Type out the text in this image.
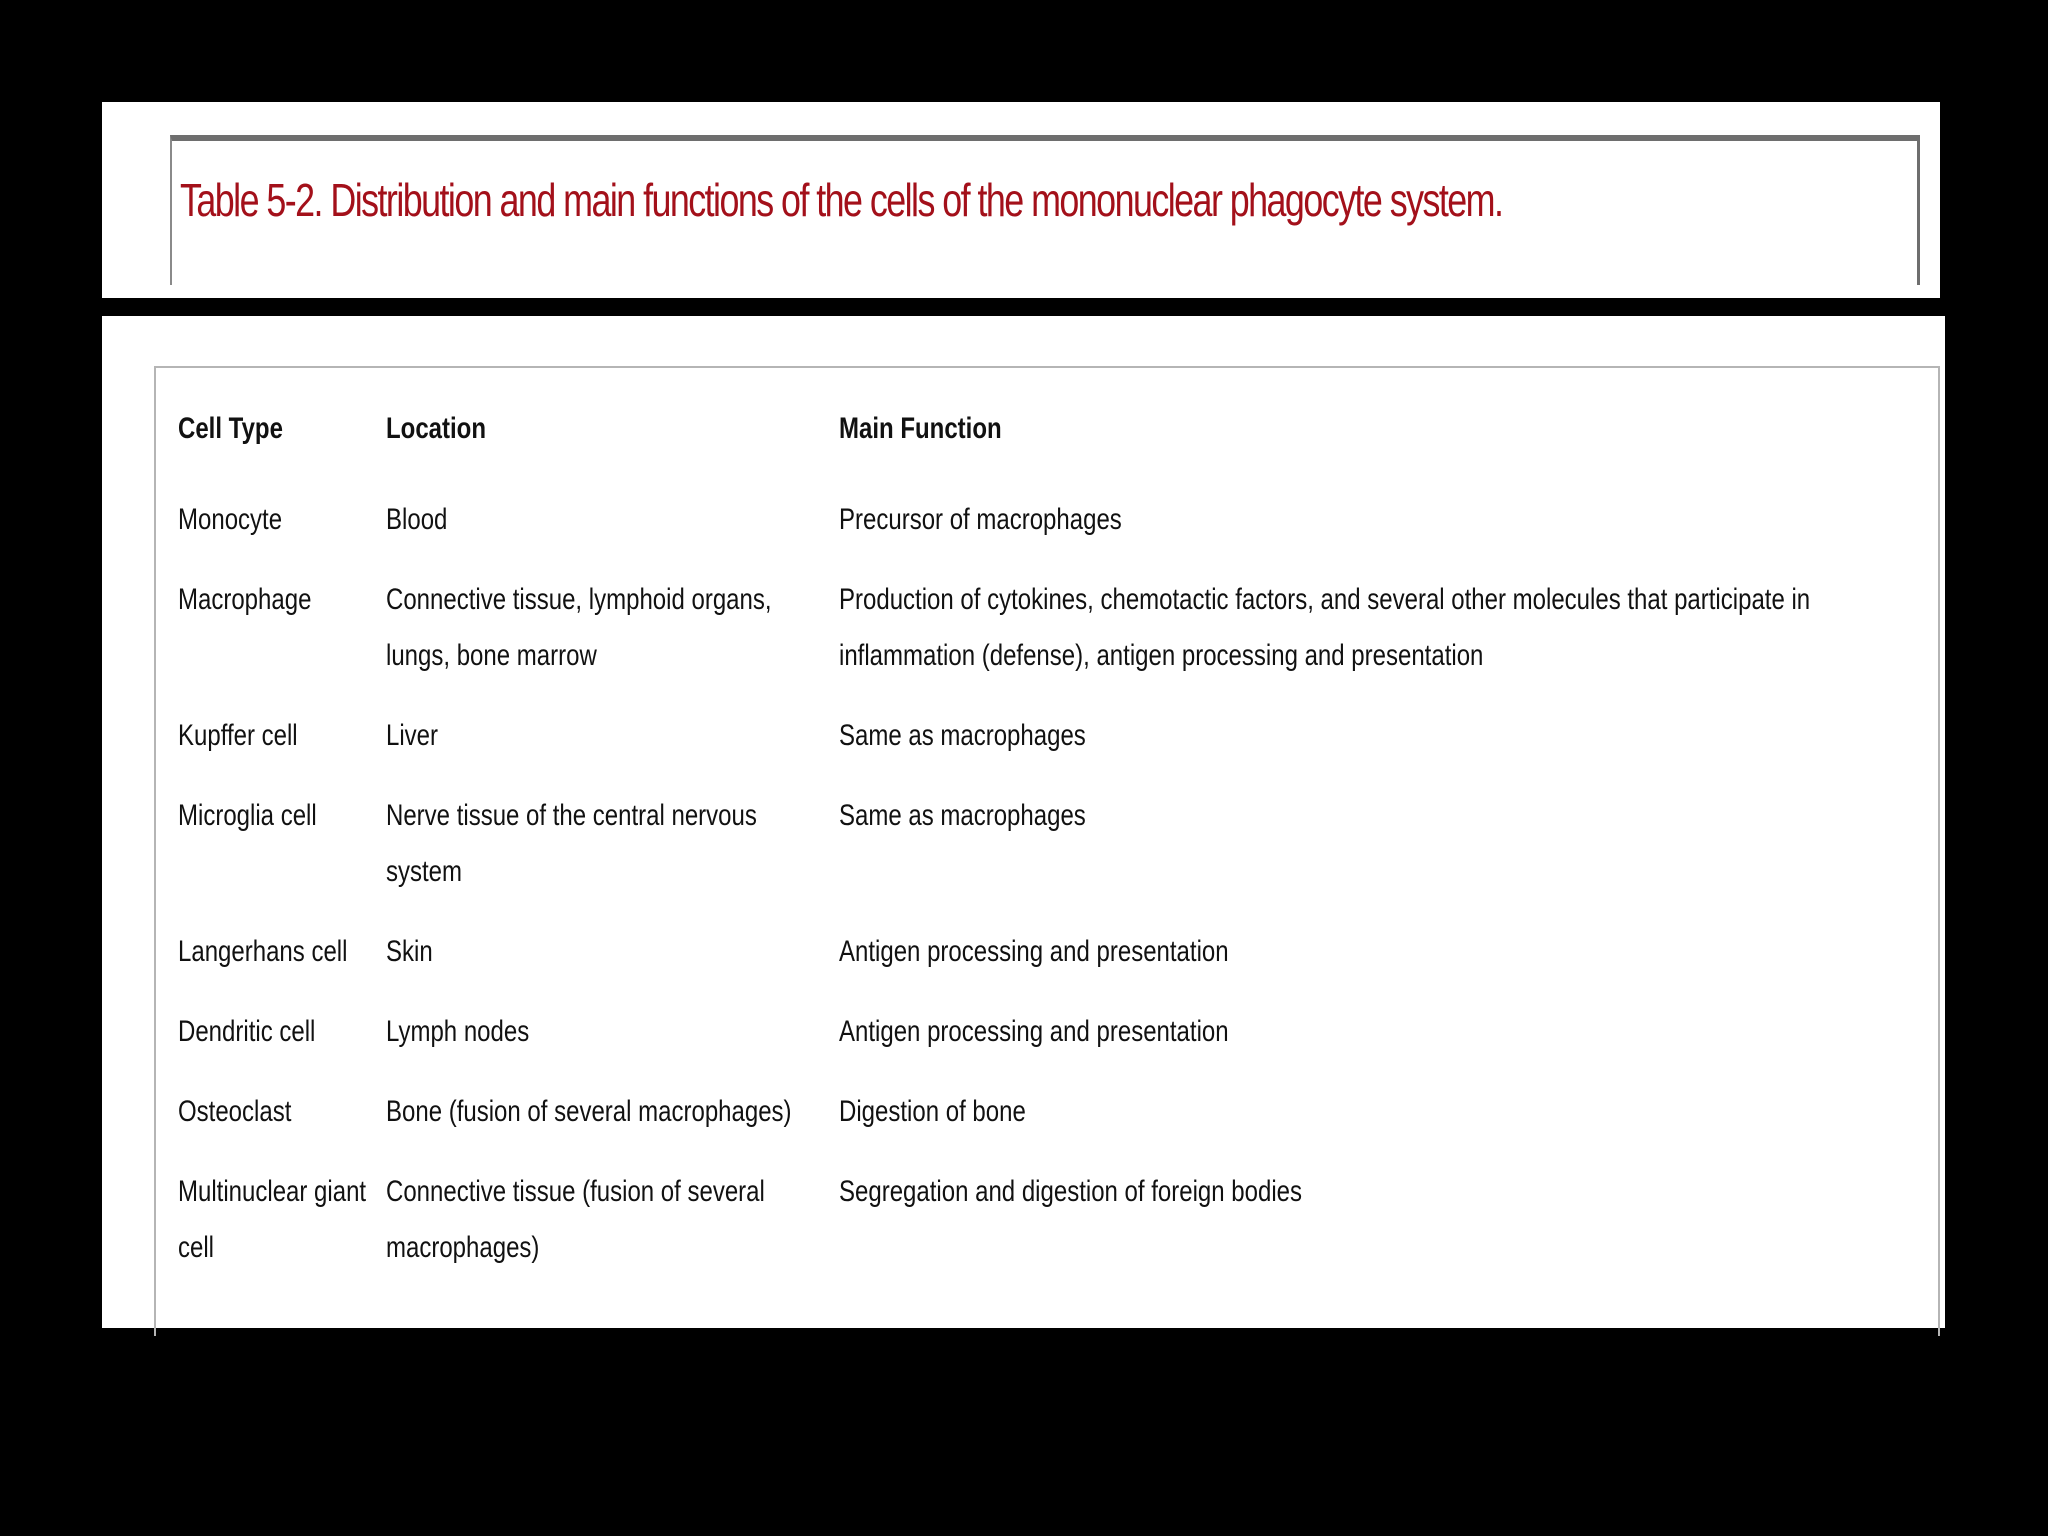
Table 5-2. Distribution and main functions of the cells of the mononuclear phagocyte system.
Cell Type	Location	Main Function

Monocyte	Blood	Precursor of macrophages

Macrophage	Connective tissue, lymphoid organs, lungs, bone marrow	Production of cytokines, chemotactic factors, and several other molecules that participate in inflammation (defense), antigen processing and presentation

Kupffer cell	Liver	Same as macrophages

Microglia cell	Nerve tissue of the central nervous system	Same as macrophages

Langerhans cell	Skin	Antigen processing and presentation

Dendritic cell	Lymph nodes	Antigen processing and presentation

Osteoclast	Bone (fusion of several macrophages)	Digestion of bone

Multinuclear giant cell	Connective tissue (fusion of several macrophages)	Segregation and digestion of foreign bodies
